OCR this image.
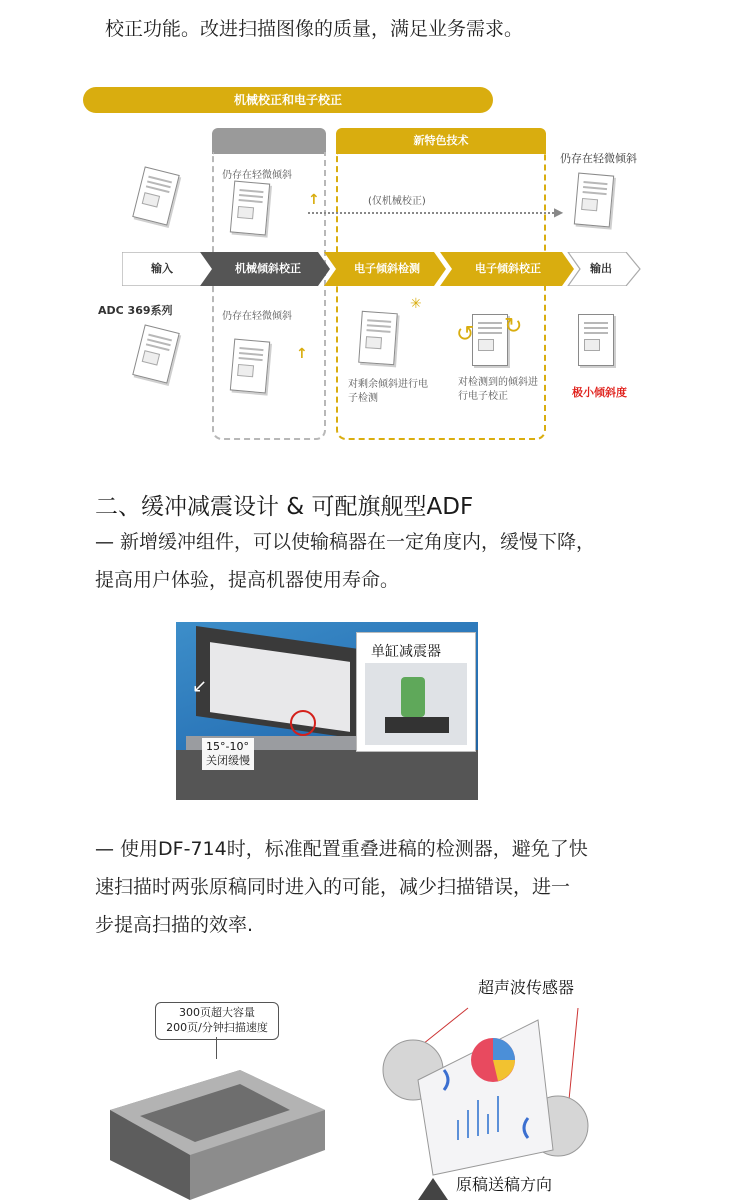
校正功能。改进扫描图像的质量，满足业务需求。
机械校正和电子校正
新特色技术
仍存在轻微倾斜
(仅机械校正)
仍存在轻微倾斜
↑
▶
输入	机械倾斜校正	电子倾斜检测	电子倾斜校正	输出
ADC 369系列	仍存在轻微倾斜
↑
✳
对剩余倾斜进行电
子检测
↺ ↻
对检测到的倾斜进
行电子校正	极小倾斜度
二、缓冲减震设计 & 可配旗舰型ADF
— 新增缓冲组件，可以使输稿器在一定角度内，缓慢下降，
提高用户体验，提高机器使用寿命。
↙
15°-10°
关闭缓慢
单缸减震器
— 使用DF-714时，标准配置重叠进稿的检测器，避免了快
速扫描时两张原稿同时进入的可能，减少扫描错误，进一
步提高扫描的效率.
300页超大容量
200页/分钟扫描速度
超声波传感器
原稿送稿方向
